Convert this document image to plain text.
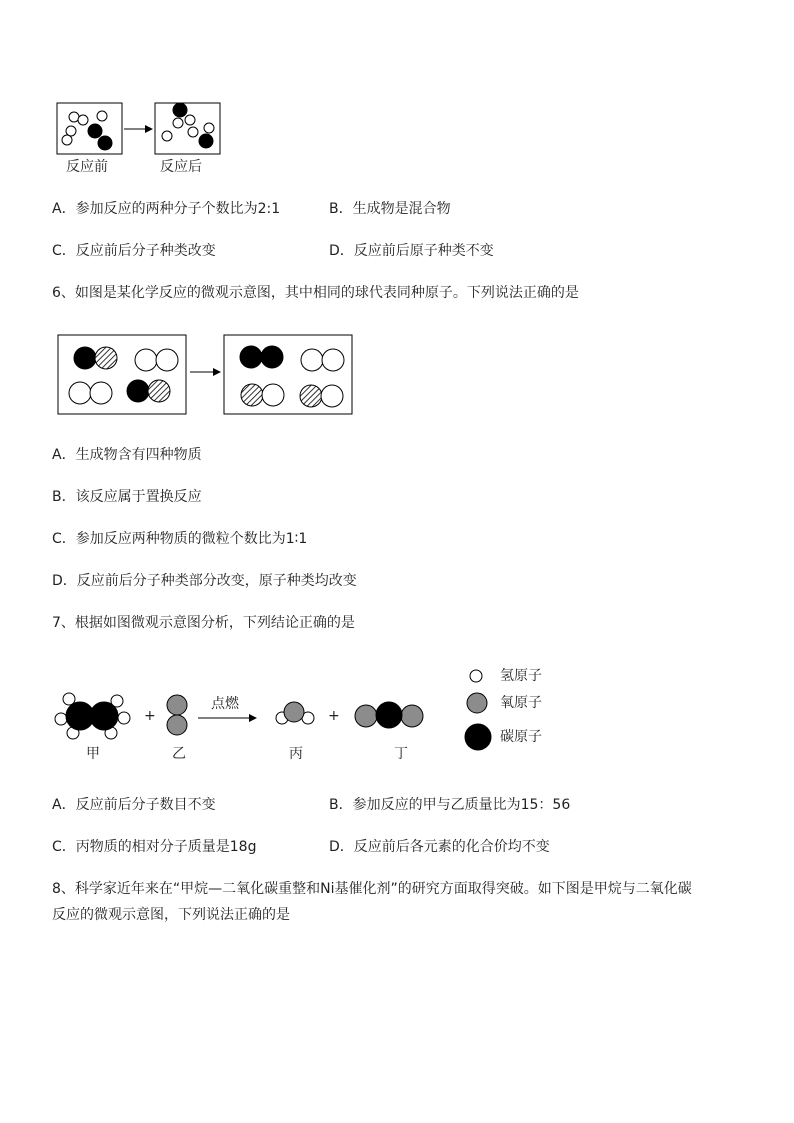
反应前	反应后
A．参加反应的两种分子个数比为2:1	B．生成物是混合物
C．反应前后分子种类改变	D．反应前后原子种类不变
6、如图是某化学反应的微观示意图，其中相同的球代表同种原子。下列说法正确的是
A．生成物含有四种物质
B．该反应属于置换反应
C．参加反应两种物质的微粒个数比为1∶1
D．反应前后分子种类部分改变，原子种类均改变
7、根据如图微观示意图分析，下列结论正确的是
+
点燃
+
甲	乙	丙	丁
氢原子
氧原子
碳原子
A．反应前后分子数目不变	B．参加反应的甲与乙质量比为15：56
C．丙物质的相对分子质量是18g	D．反应前后各元素的化合价均不变
8、科学家近年来在“甲烷—二氧化碳重整和Ni基催化剂”的研究方面取得突破。如下图是甲烷与二氧化碳
反应的微观示意图，下列说法正确的是
